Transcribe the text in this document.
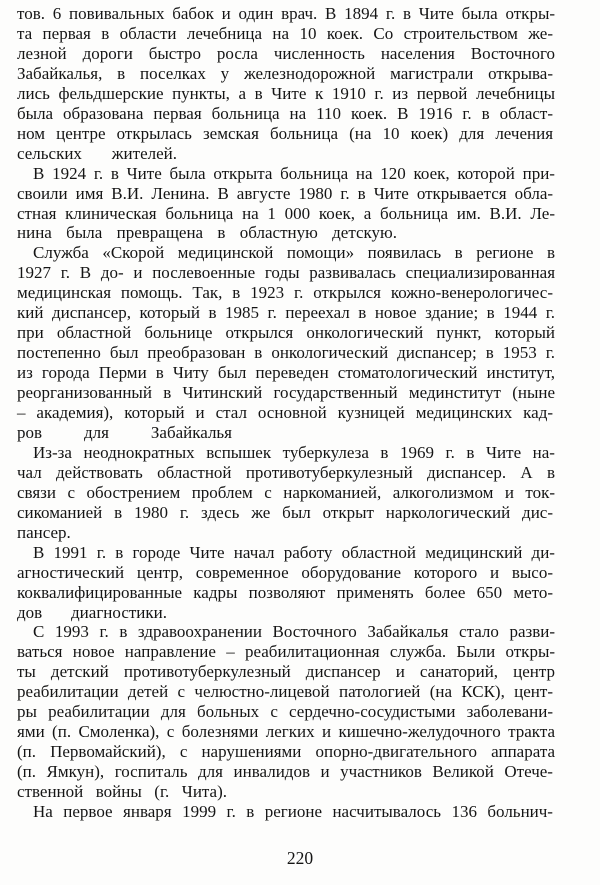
тов. 6 повивальных бабок и один врач. В 1894 г. в Чите была откры-

та первая в области лечебница на 10 коек. Со строительством же-

лезной дороги быстро росла численность населения Восточного

Забайкалья, в поселках у железнодорожной магистрали открыва-

лись фельдшерские пункты, а в Чите к 1910 г. из первой лечебницы

была образована первая больница на 110 коек. В 1916 г. в област-

ном центре открылась земская больница (на 10 коек) для лечения

сельских жителей.

В 1924 г. в Чите была открыта больница на 120 коек, которой при-

своили имя В.И. Ленина. В августе 1980 г. в Чите открывается обла-

стная клиническая больница на 1 000 коек, а больница им. В.И. Ле-

нина была превращена в областную детскую.

Служба «Скорой медицинской помощи» появилась в регионе в

1927 г. В до- и послевоенные годы развивалась специализированная

медицинская помощь. Так, в 1923 г. открылся кожно-венерологичес-

кий диспансер, который в 1985 г. переехал в новое здание; в 1944 г.

при областной больнице открылся онкологический пункт, который

постепенно был преобразован в онкологический диспансер; в 1953 г.

из города Перми в Читу был переведен стоматологический институт,

реорганизованный в Читинский государственный мединститут (ныне

– академия), который и стал основной кузницей медицинских кад-

ров для Забайкалья

Из-за неоднократных вспышек туберкулеза в 1969 г. в Чите на-

чал действовать областной противотуберкулезный диспансер. А в

связи с обострением проблем с наркоманией, алкоголизмом и ток-

сикоманией в 1980 г. здесь же был открыт наркологический дис-

пансер.

В 1991 г. в городе Чите начал работу областной медицинский ди-

агностический центр, современное оборудование которого и высо-

коквалифицированные кадры позволяют применять более 650 мето-

дов диагностики.

С 1993 г. в здравоохранении Восточного Забайкалья стало разви-

ваться новое направление – реабилитационная служба. Были откры-

ты детский противотуберкулезный диспансер и санаторий, центр

реабилитации детей с челюстно-лицевой патологией (на КСК), цент-

ры реабилитации для больных с сердечно-сосудистыми заболевани-

ями (п. Смоленка), с болезнями легких и кишечно-желудочного тракта

(п. Первомайский), с нарушениями опорно-двигательного аппарата

(п. Ямкун), госпиталь для инвалидов и участников Великой Отече-

ственной войны (г. Чита).

На первое января 1999 г. в регионе насчитывалось 136 больнич-

220
